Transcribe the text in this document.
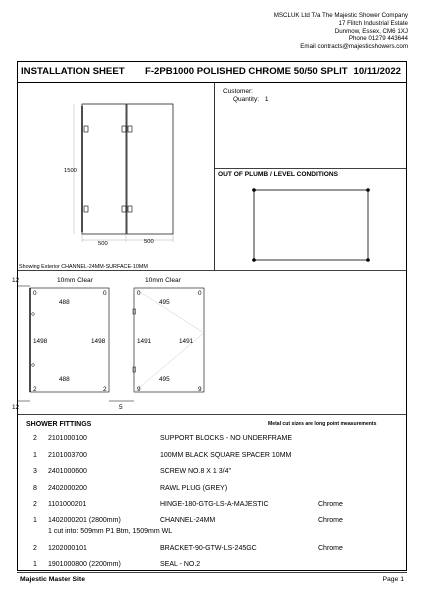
MSCLUK Ltd T/a The Majestic Shower Company
17 Flitch Industrial Estate
Dunmow, Essex, CM6 1XJ
Phone 01279 443644
Email contracts@majesticshowers.com
INSTALLATION SHEET F-2PB1000 POLISHED CHROME 50/50 SPLIT 10/11/2022
Customer:
Quantity: 1
OUT OF PLUMB / LEVEL CONDITIONS
1500
500	500
Showing Exterior CHANNEL-24MM-SURFACE-10MM
10mm Clear
12
0	0
488
1498	1498
488
2	2
12
10mm Clear
0	0
495
1491	1491
495
9	9
5
SHOWER FITTINGS	Metal cut sizes are long point measurements
2 2101000100	SUPPORT BLOCKS - NO UNDERFRAME
1 2101003700	100MM BLACK SQUARE SPACER 10MM
3 2401000600	SCREW NO.8 X 1 3/4"
8 2402000200	RAWL PLUG (GREY)
2 1101000201	HINGE-180-GTG-LS-A-MAJESTIC	Chrome
1 1402000201 (2800mm)	CHANNEL-24MM	Chrome
1 cut into: 509mm P1 Btm, 1509mm WL
2 1202000101	BRACKET-90-GTW-LS-245GC	Chrome
1 1901000800 (2200mm)	SEAL - NO.2
Majestic Master Site	Page 1
